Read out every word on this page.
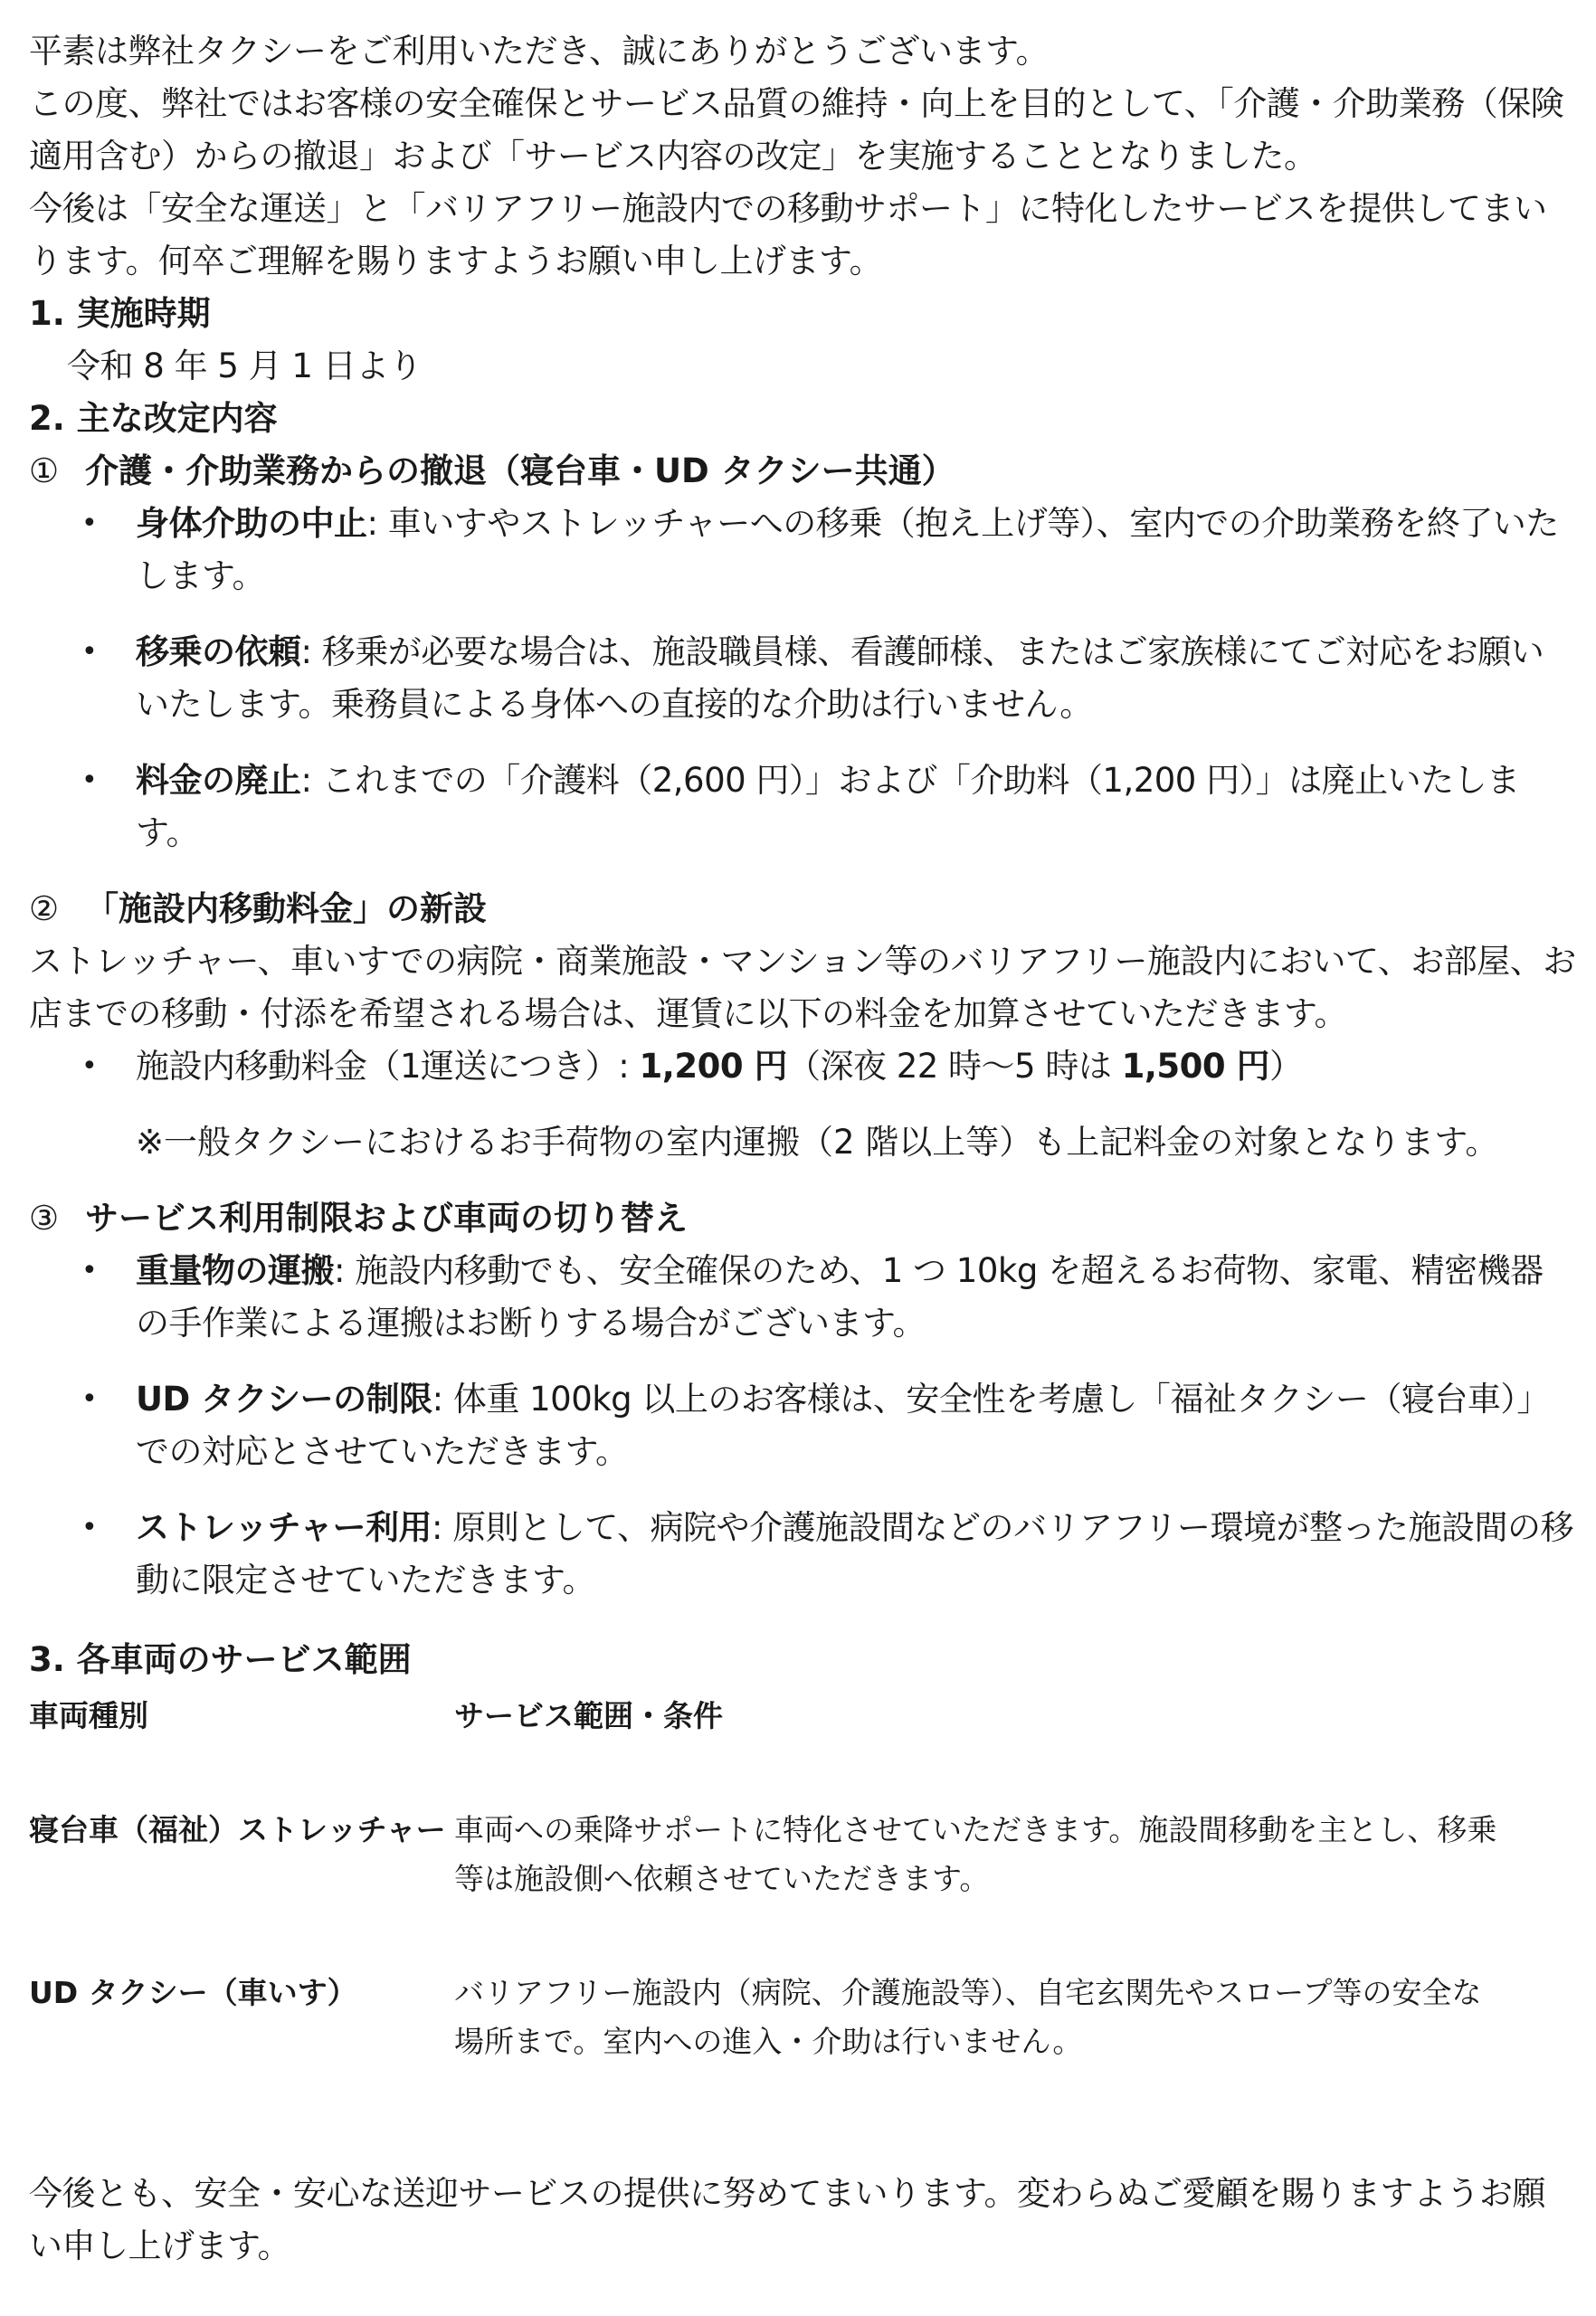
平素は弊社タクシーをご利用いただき、誠にありがとうございます。

この度、弊社ではお客様の安全確保とサービス品質の維持・向上を目的として、「介護・介助業務（保険適用含む）からの撤退」および「サービス内容の改定」を実施することとなりました。

今後は「安全な運送」と「バリアフリー施設内での移動サポート」に特化したサービスを提供してまいります。何卒ご理解を賜りますようお願い申し上げます。

1. 実施時期

令和 8 年 5 月 1 日より

2. 主な改定内容

① 介護・介助業務からの撤退（寝台車・UD タクシー共通）

• 身体介助の中止: 車いすやストレッチャーへの移乗（抱え上げ等）、室内での介助業務を終了いたします。

• 移乗の依頼: 移乗が必要な場合は、施設職員様、看護師様、またはご家族様にてご対応をお願いいたします。乗務員による身体への直接的な介助は行いません。

• 料金の廃止: これまでの「介護料（2,600 円）」および「介助料（1,200 円）」は廃止いたします。

② 「施設内移動料金」の新設

ストレッチャー、車いすでの病院・商業施設・マンション等のバリアフリー施設内において、お部屋、お店までの移動・付添を希望される場合は、運賃に以下の料金を加算させていただきます。

• 施設内移動料金（1運送につき）: 1,200 円（深夜 22 時～5 時は 1,500 円）

※一般タクシーにおけるお手荷物の室内運搬（2 階以上等）も上記料金の対象となります。

③ サービス利用制限および車両の切り替え

• 重量物の運搬: 施設内移動でも、安全確保のため、1 つ 10kg を超えるお荷物、家電、精密機器の手作業による運搬はお断りする場合がございます。

• UD タクシーの制限: 体重 100kg 以上のお客様は、安全性を考慮し「福祉タクシー（寝台車）」での対応とさせていただきます。

• ストレッチャー利用: 原則として、病院や介護施設間などのバリアフリー環境が整った施設間の移動に限定させていただきます。

3. 各車両のサービス範囲

車両種別	サービス範囲・条件
寝台車（福祉）ストレッチャー	車両への乗降サポートに特化させていただきます。施設間移動を主とし、移乗
等は施設側へ依頼させていただきます。

UD タクシー（車いす）	バリアフリー施設内（病院、介護施設等）、自宅玄関先やスロープ等の安全な
場所まで。室内への進入・介助は行いません。

今後とも、安全・安心な送迎サービスの提供に努めてまいります。変わらぬご愛顧を賜りますようお願い申し上げます。
